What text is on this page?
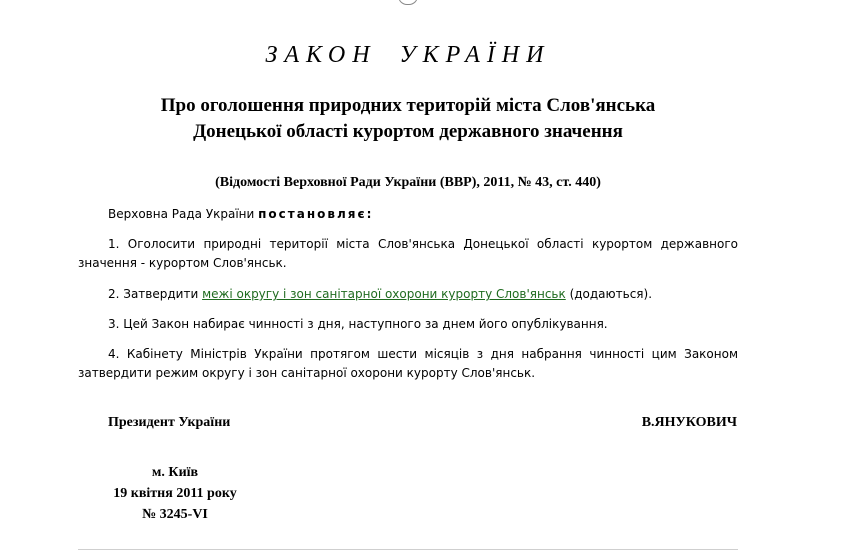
ЗАКОН УКРАЇНИ
Про оголошення природних територій міста Слов'янська
Донецької області курортом державного значення
(Відомості Верховної Ради України (ВВР), 2011, № 43, ст. 440)
Верховна Рада України постановляє:
1. Оголосити природні території міста Слов'янська Донецької області курортом державного значення - курортом Слов'янськ.
2. Затвердити межі округу і зон санітарної охорони курорту Слов'янськ (додаються).
3. Цей Закон набирає чинності з дня, наступного за днем його опублікування.
4. Кабінету Міністрів України протягом шести місяців з дня набрання чинності цим Законом затвердити режим округу і зон санітарної охорони курорту Слов'янськ.
Президент України	В.ЯНУКОВИЧ
м. Київ
19 квітня 2011 року
№ 3245-VI
